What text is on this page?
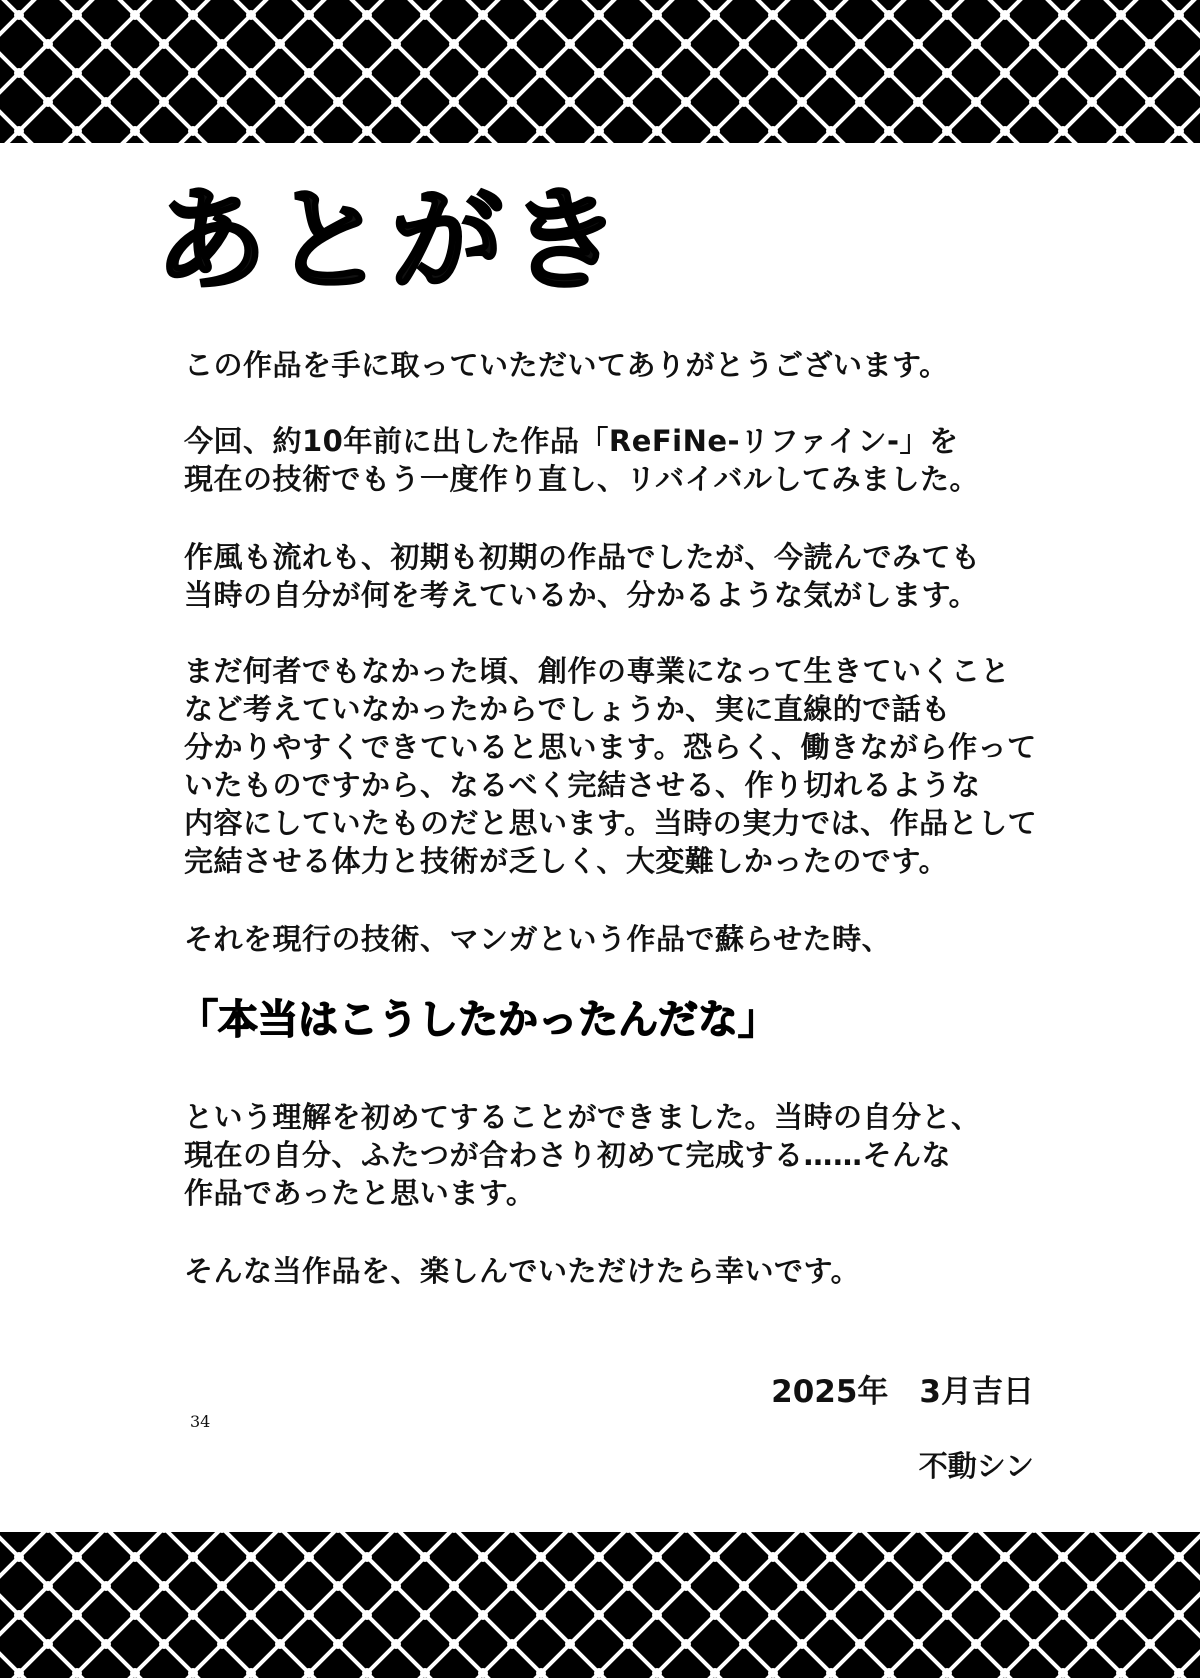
あとがき

この作品を手に取っていただいてありがとうございます。

今回、約10年前に出した作品「ReFiNe-リファイン-」を
現在の技術でもう一度作り直し、リバイバルしてみました。

作風も流れも、初期も初期の作品でしたが、今読んでみても
当時の自分が何を考えているか、分かるような気がします。

まだ何者でもなかった頃、創作の専業になって生きていくこと
など考えていなかったからでしょうか、実に直線的で話も
分かりやすくできていると思います。恐らく、働きながら作って
いたものですから、なるべく完結させる、作り切れるような
内容にしていたものだと思います。当時の実力では、作品として
完結させる体力と技術が乏しく、大変難しかったのです。

それを現行の技術、マンガという作品で蘇らせた時、

「本当はこうしたかったんだな」

という理解を初めてすることができました。当時の自分と、
現在の自分、ふたつが合わさり初めて完成する……そんな
作品であったと思います。

そんな当作品を、楽しんでいただけたら幸いです。

2025年　3月吉日
34
不動シン
